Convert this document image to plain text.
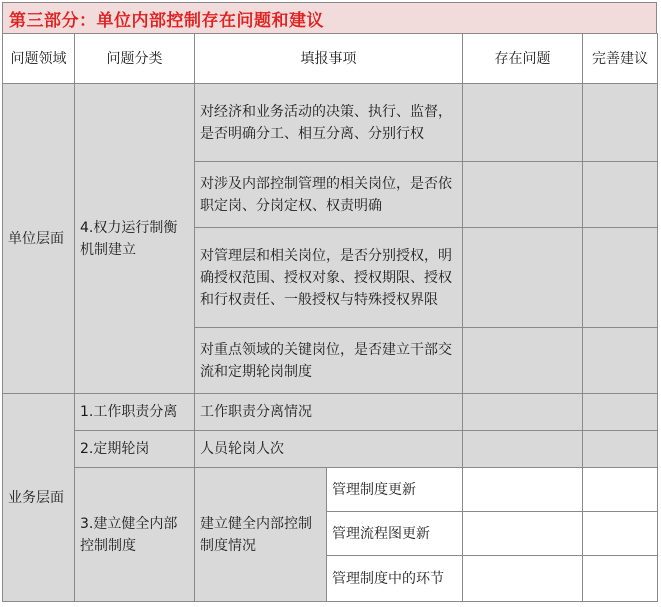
第三部分：单位内部控制存在问题和建议
问题领域	问题分类	填报事项		存在问题	完善建议
单位层面	4.权力运行制衡机制建立	对经济和业务活动的决策、执行、监督，是否明确分工、相互分离、分别行权			
		对涉及内部控制管理的相关岗位，是否依职定岗、分岗定权、权责明确			
		对管理层和相关岗位，是否分别授权，明确授权范围、授权对象、授权期限、授权和行权责任、一般授权与特殊授权界限			
		对重点领域的关键岗位，是否建立干部交流和定期轮岗制度			
业务层面	1.工作职责分离	工作职责分离情况			
	2.定期轮岗	人员轮岗人次			
	3.建立健全内部控制制度	建立健全内部控制制度情况	管理制度更新		
			管理流程图更新		
			管理制度中的环节		
